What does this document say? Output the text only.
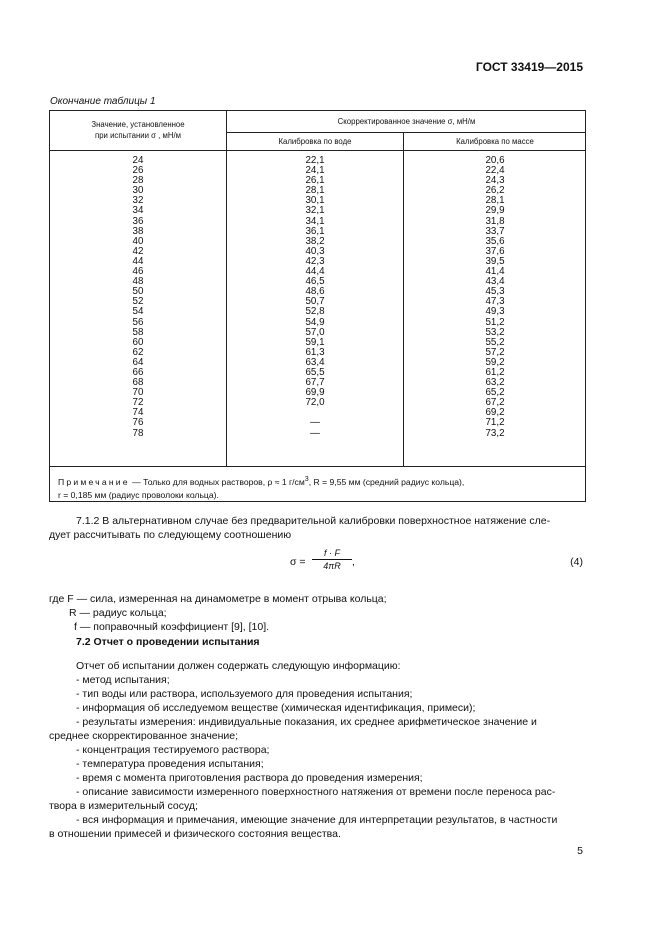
ГОСТ 33419—2015
Окончание таблицы 1
Значение, установленное
при испытании σ , мН/м
Скорректированное значение σ, мН/м
Калибровка по воде	Калибровка по массе
24
26
28
30
32
34
36
38
40
42
44
46
48
50
52
54
56
58
60
62
64
66
68
70
72
74
76
78
22,1
24,1
26,1
28,1
30,1
32,1
34,1
36,1
38,2
40,3
42,3
44,4
46,5
48,6
50,7
52,8
54,9
57,0
59,1
61,3
63,4
65,5
67,7
69,9
72,0
—
—
20,6
22,4
24,3
26,2
28,1
29,9
31,8
33,7
35,6
37,6
39,5
41,4
43,4
45,3
47,3
49,3
51,2
53,2
55,2
57,2
59,2
61,2
63,2
65,2
67,2
69,2
71,2
73,2
Примечание — Только для водных растворов, ρ ≈ 1 $г/см^3$, R = 9,55 мм (средний радиус кольца),
r = 0,185 мм (радиус проволоки кольца).
7.1.2 В альтернативном случае без предварительной калибровки поверхностное натяжение сле-
дует рассчитывать по следующему соотношению
$\sigma = \frac{f \cdot F}{4\pi R}$ ,	(4)
где F — сила, измеренная на динамометре в момент отрыва кольца;
R — радиус кольца;
f — поправочный коэффициент [9], [10].
7.2 Отчет о проведении испытания
Отчет об испытании должен содержать следующую информацию:
- метод испытания;
- тип воды или раствора, используемого для проведения испытания;
- информация об исследуемом веществе (химическая идентификация, примеси);
- результаты измерения: индивидуальные показания, их среднее арифметическое значение и
среднее скорректированное значение;
- концентрация тестируемого раствора;
- температура проведения испытания;
- время с момента приготовления раствора до проведения измерения;
- описание зависимости измеренного поверхностного натяжения от времени после переноса рас-
твора в измерительный сосуд;
- вся информация и примечания, имеющие значение для интерпретации результатов, в частности
в отношении примесей и физического состояния вещества.
5
